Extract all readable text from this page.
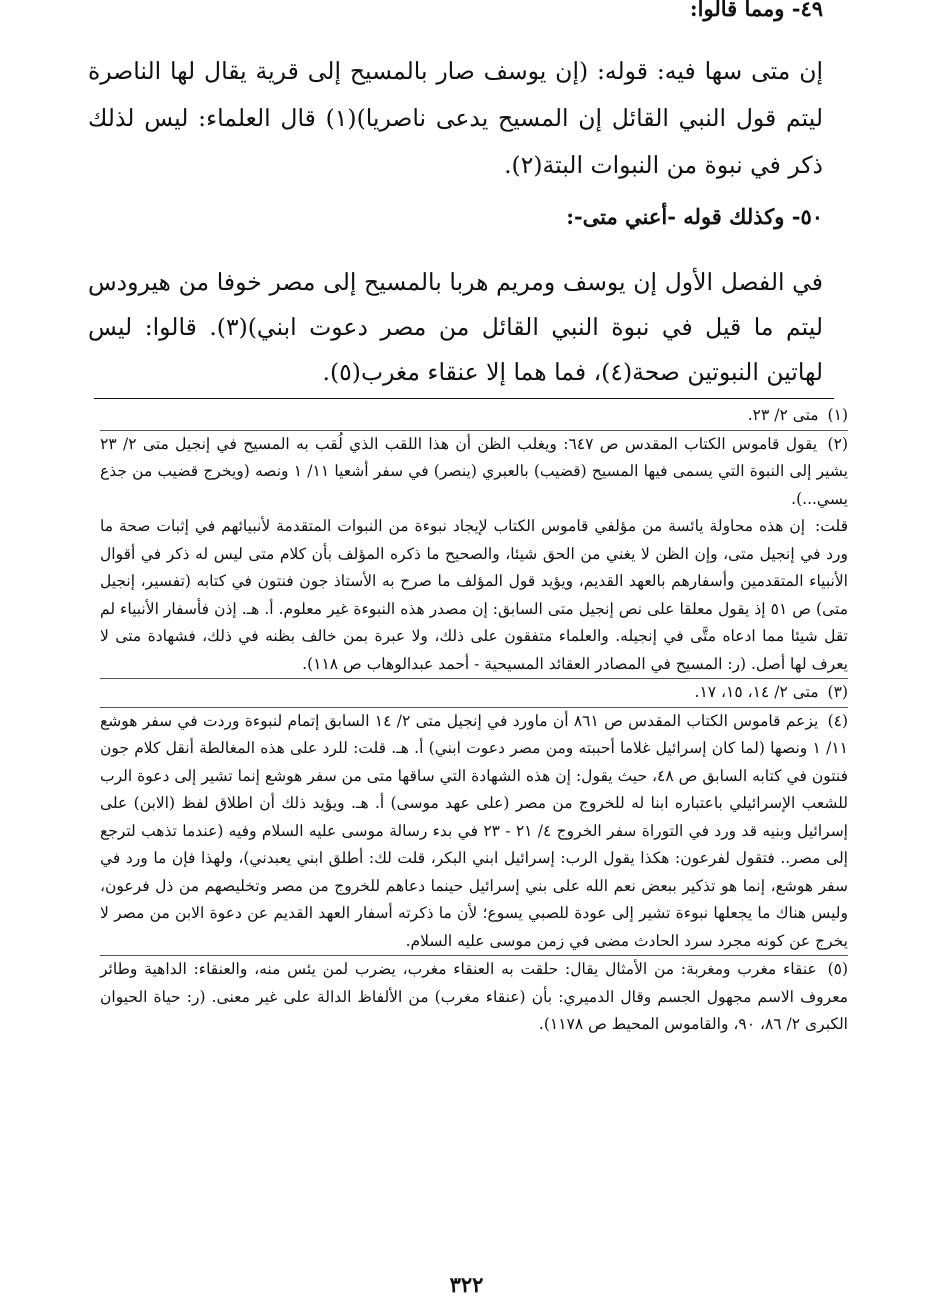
٤٩- ومما قالوا:

إن متى سها فيه: قوله: (إن يوسف صار بالمسيح إلى قرية يقال لها الناصرة ليتم قول النبي القائل إن المسيح يدعى ناصريا)(١) قال العلماء: ليس لذلك ذكر في نبوة من النبوات البتة(٢).

٥٠- وكذلك قوله -أعني متى-:

في الفصل الأول إن يوسف ومريم هربا بالمسيح إلى مصر خوفا من هيرودس ليتم ما قيل في نبوة النبي القائل من مصر دعوت ابني)(٣). قالوا: ليس لهاتين النبوتين صحة(٤)، فما هما إلا عنقاء مغرب(٥).

(١) متى ٢/ ٢٣.

(٢) يقول قاموس الكتاب المقدس ص ٦٤٧: ويغلب الظن أن هذا اللقب الذي لُقب به المسيح في إنجيل متى ٢/ ٢٣ يشير إلى النبوة التي يسمى فيها المسيح (قضيب) بالعبري (ينصر) في سفر أشعيا ١١/ ١ ونصه (ويخرج قضيب من جذع يسي...).

قلت: إن هذه محاولة يائسة من مؤلفي قاموس الكتاب لإيجاد نبوءة من النبوات المتقدمة لأنبيائهم في إثبات صحة ما ورد في إنجيل متى، وإن الظن لا يغني من الحق شيئا، والصحيح ما ذكره المؤلف بأن كلام متى ليس له ذكر في أقوال الأنبياء المتقدمين وأسفارهم بالعهد القديم، ويؤيد قول المؤلف ما صرح به الأستاذ جون فنتون في كتابه (تفسير، إنجيل متى) ص ٥١ إذ يقول معلقا على نص إنجيل متى السابق: إن مصدر هذه النبوءة غير معلوم. أ. هـ. إذن فأسفار الأنبياء لم تقل شيئا مما ادعاه متَّى في إنجيله. والعلماء متفقون على ذلك، ولا عبرة بمن خالف بظنه في ذلك، فشهادة متى لا يعرف لها أصل. (ر: المسيح في المصادر العقائد المسيحية - أحمد عبدالوهاب ص ١١٨).

(٣) متى ٢/ ١٤، ١٥، ١٧.

(٤) يزعم قاموس الكتاب المقدس ص ٨٦١ أن ماورد في إنجيل متى ٢/ ١٤ السابق إتمام لنبوءة وردت في سفر هوشع ١١/ ١ ونصها (لما كان إسرائيل غلاما أحببته ومن مصر دعوت ابني) أ. هـ. قلت: للرد على هذه المغالطة أنقل كلام جون فنتون في كتابه السابق ص ٤٨، حيث يقول: إن هذه الشهادة التي ساقها متى من سفر هوشع إنما تشير إلى دعوة الرب للشعب الإسرائيلي باعتباره ابنا له للخروج من مصر (على عهد موسى) أ. هـ. ويؤيد ذلك أن اطلاق لفظ (الابن) على إسرائيل وبنيه قد ورد في التوراة سفر الخروج ٤/ ٢١ - ٢٣ في بدء رسالة موسى عليه السلام وفيه (عندما تذهب لترجع إلى مصر.. فتقول لفرعون: هكذا يقول الرب: إسرائيل ابني البكر، قلت لك: أطلق ابني يعبدني)، ولهذا فإن ما ورد في سفر هوشع، إنما هو تذكير ببعض نعم الله على بني إسرائيل حينما دعاهم للخروج من مصر وتخليصهم من ذل فرعون، وليس هناك ما يجعلها نبوءة تشير إلى عودة للصبي يسوع؛ لأن ما ذكرته أسفار العهد القديم عن دعوة الابن من مصر لا يخرج عن كونه مجرد سرد الحادث مضى في زمن موسى عليه السلام.

(٥) عنقاء مغرب ومغربة: من الأمثال يقال: حلقت به العنقاء مغرب، يضرب لمن يئس منه، والعنقاء: الداهية وطائر معروف الاسم مجهول الجسم وقال الدميري: بأن (عنقاء مغرب) من الألفاظ الدالة على غير معنى. (ر: حياة الحيوان الكبرى ٢/ ٨٦، ٩٠، والقاموس المحيط ص ١١٧٨).

٣٢٢
